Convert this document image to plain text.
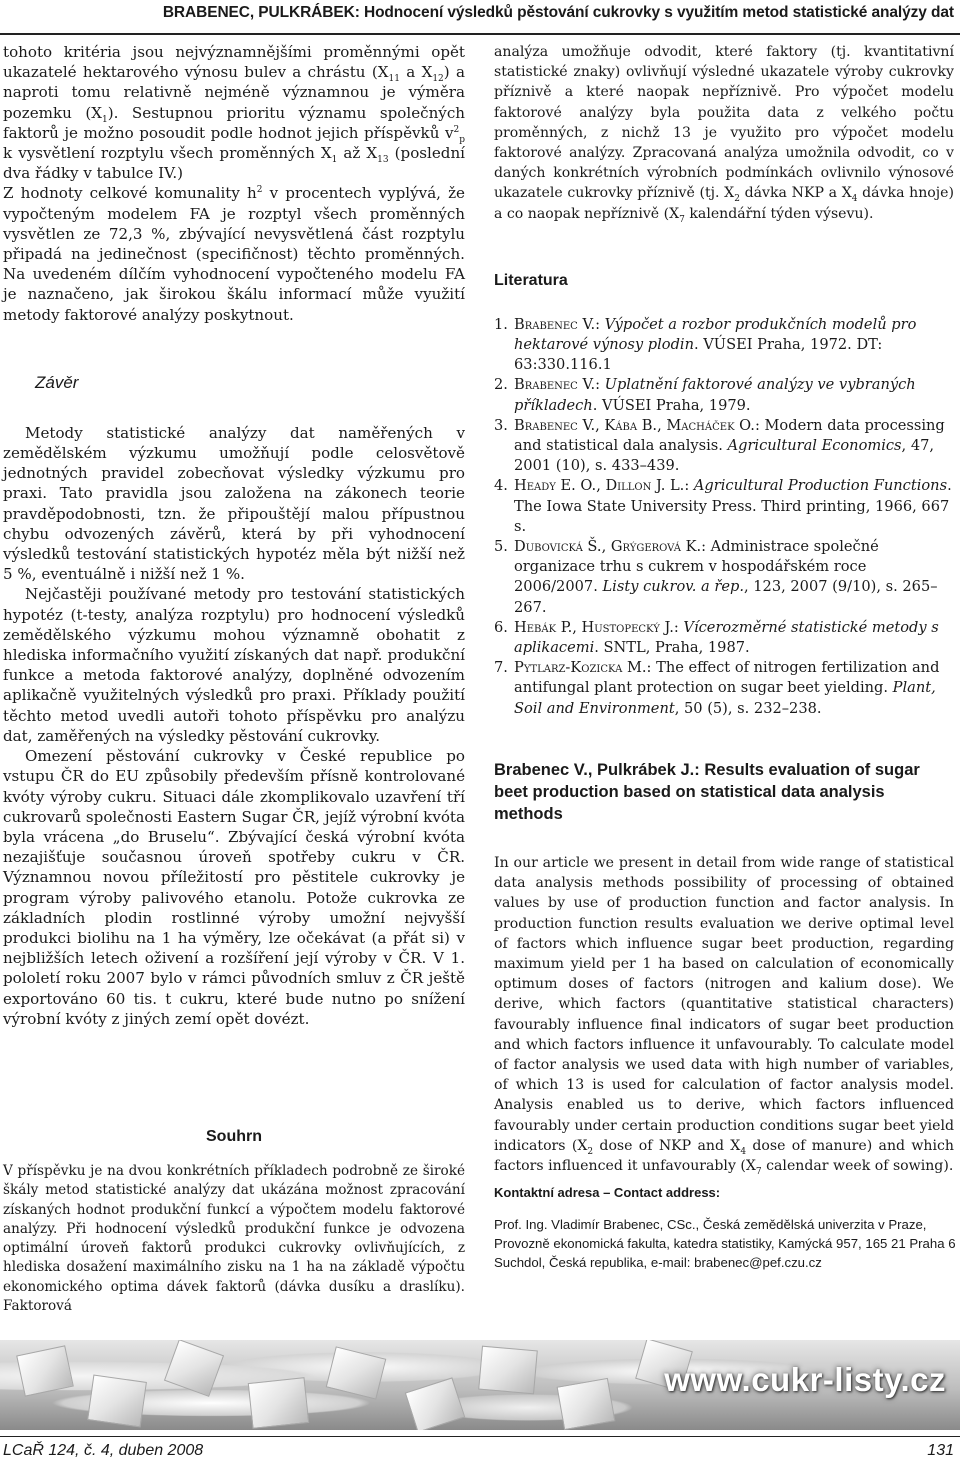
BRABENEC, PULKRÁBEK: Hodnocení výsledků pěstování cukrovky s využitím metod statistické analýzy dat

tohoto kritéria jsou nejvýznamnějšími proměnnými opět ukazatelé hektarového výnosu bulev a chrástu ($X_{11}$ a $X_{12}$) a naproti tomu relativně nejméně významnou je výměra pozemku $(X_1)$. Sestupnou prioritu významu společných faktorů je možno posoudit podle hodnot jejich příspěvků $v^2_p$ k vysvětlení rozptylu všech proměnných $X_1$ až $X_{13}$ (poslední dva řádky v tabulce IV.)

Z hodnoty celkové komunality $h^2$ v procentech vyplývá, že vypočteným modelem FA je rozptyl všech proměnných vysvětlen ze 72,3 %, zbývající nevysvětlená část rozptylu připadá na jedinečnost (specifičnost) těchto proměnných. Na uvedeném dílčím vyhodnocení vypočteného modelu FA je naznačeno, jak širokou škálu informací může využití metody faktorové analýzy poskytnout.

Závěr

Metody statistické analýzy dat naměřených v zemědělském výzkumu umožňují podle celosvětově jednotných pravidel zobecňovat výsledky výzkumu pro praxi. Tato pravidla jsou založena na zákonech teorie pravděpodobnosti, tzn. že připouštějí malou přípustnou chybu odvozených závěrů, která by při vyhodnocení výsledků testování statistických hypotéz měla být nižší než 5 %, eventuálně i nižší než 1 %.

Nejčastěji používané metody pro testování statistických hypotéz (t-testy, analýza rozptylu) pro hodnocení výsledků zemědělského výzkumu mohou významně obohatit z hlediska informačního využití získaných dat např. produkční funkce a metoda faktorové analýzy, doplněné odvozením aplikačně využitelných výsledků pro praxi. Příklady použití těchto metod uvedli autoři tohoto příspěvku pro analýzu dat, zaměřených na výsledky pěstování cukrovky.

Omezení pěstování cukrovky v České republice po vstupu ČR do EU způsobily především přísně kontrolované kvóty výroby cukru. Situaci dále zkomplikovalo uzavření tří cukrovarů společnosti Eastern Sugar ČR, jejíž výrobní kvóta byla vrácena „do Bruselu“. Zbývající česká výrobní kvóta nezajišťuje současnou úroveň spotřeby cukru v ČR. Významnou novou příležitostí pro pěstitele cukrovky je program výroby palivového etanolu. Potože cukrovka ze základních plodin rostlinné výroby umožní nejvyšší produkci biolihu na 1 ha výměry, lze očekávat (a přát si) v nejbližších letech oživení a rozšíření její výroby v ČR. V 1. pololetí roku 2007 bylo v rámci původních smluv z ČR ještě exportováno 60 tis. t cukru, které bude nutno po snížení výrobní kvóty z jiných zemí opět dovézt.

Souhrn

V příspěvku je na dvou konkrétních příkladech podrobně ze široké škály metod statistické analýzy dat ukázána možnost zpracování získaných hodnot produkční funkcí a výpočtem modelu faktorové analýzy. Při hodnocení výsledků produkční funkce je odvozena optimální úroveň faktorů produkci cukrovky ovlivňujících, z hlediska dosažení maximálního zisku na 1 ha na základě výpočtu ekonomického optima dávek faktorů (dávka dusíku a draslíku). Faktorová

analýza umožňuje odvodit, které faktory (tj. kvantitativní statistické znaky) ovlivňují výsledné ukazatele výroby cukrovky příznivě a které naopak nepříznivě. Pro výpočet modelu faktorové analýzy byla použita data z velkého počtu proměnných, z nichž 13 je využito pro výpočet modelu faktorové analýzy. Zpracovaná analýza umožnila odvodit, co v daných konkrétních výrobních podmínkách ovlivnilo výnosové ukazatele cukrovky příznivě (tj. $X_2$ dávka NKP a $X_4$ dávka hnoje) a co naopak nepříznivě ($X_7$ kalendářní týden výsevu).

Literatura
1. Brabenec V.: Výpočet a rozbor produkčních modelů pro hektarové výnosy plodin. VÚSEI Praha, 1972. DT: 63:330.116.1
2. Brabenec V.: Uplatnění faktorové analýzy ve vybraných příkladech. VÚSEI Praha, 1979.
3. Brabenec V., Kába B., Macháček O.: Modern data processing and statistical dala analysis. Agricultural Economics, 47, 2001 (10), s. 433–439.
4. Heady E. O., Dillon J. L.: Agricultural Production Functions. The Iowa State University Press. Third printing, 1966, 667 s.
5. Dubovická Š., Grýgerová K.: Administrace společné organizace trhu s cukrem v hospodářském roce 2006/2007. Listy cukrov. a řep., 123, 2007 (9/10), s. 265–267.
6. Hebák P., Hustopecký J.: Vícerozměrné statistické metody s aplikacemi. SNTL, Praha, 1987.
7. Pytlarz-Kozicka M.: The effect of nitrogen fertilization and antifungal plant protection on sugar beet yielding. Plant, Soil and Environment, 50 (5), s. 232–238.

Brabenec V., Pulkrábek J.: Results evaluation of sugar beet production based on statistical data analysis methods

In our article we present in detail from wide range of statistical data analysis methods possibility of processing of obtained values by use of production function and factor analysis. In production function results evaluation we derive optimal level of factors which influence sugar beet production, regarding maximum yield per 1 ha based on calculation of economically optimum doses of factors (nitrogen and kalium dose). We derive, which factors (quantitative statistical characters) favourably influence final indicators of sugar beet production and which factors influence it unfavourably. To calculate model of factor analysis we used data with high number of variables, of which 13 is used for calculation of factor analysis model. Analysis enabled us to derive, which factors influenced favourably under certain production conditions sugar beet yield indicators ($X_2$ dose of NKP and $X_4$ dose of manure) and which factors influenced it unfavourably ($X_7$ calendar week of sowing).

Kontaktní adresa – Contact address:

Prof. Ing. Vladimír Brabenec, CSc., Česká zemědělská univerzita v Praze, Provozně ekonomická fakulta, katedra statistiky, Kamýcká 957, 165 21 Praha 6 Suchdol, Česká republika, e-mail: brabenec@pef.czu.cz

www.cukr-listy.cz
LCaŘ 124, č. 4, duben 2008	131
